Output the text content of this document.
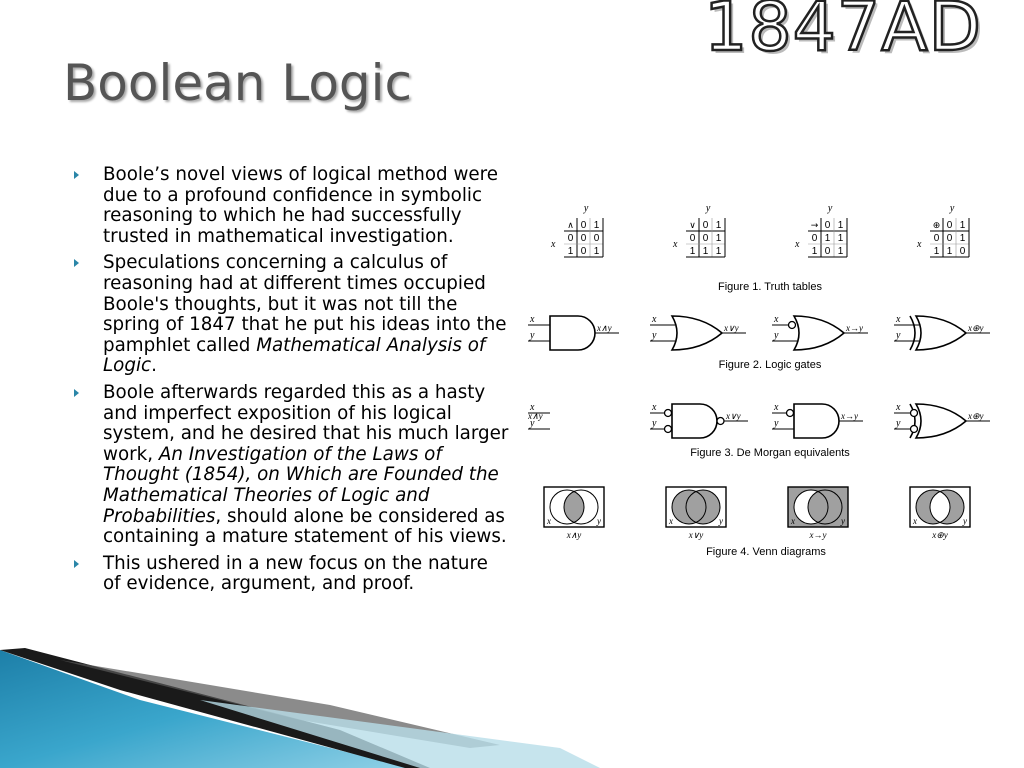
1847AD
Boolean Logic
Boole’s novel views of logical method were due to a profound confidence in symbolic reasoning to which he had successfully trusted in mathematical investigation.
Speculations concerning a calculus of reasoning had at different times occupied Boole's thoughts, but it was not till the spring of 1847 that he put his ideas into the pamphlet called Mathematical Analysis of Logic.
Boole afterwards regarded this as a hasty and imperfect exposition of his logical system, and he desired that his much larger work, An Investigation of the Laws of Thought (1854), on Which are Founded the Mathematical Theories of Logic and Probabilities, should alone be considered as containing a mature statement of his views.
This ushered in a new focus on the nature of evidence, argument, and proof.
y
x
∧ 0 1
0 0 0
1 0 1
y
x
∨ 0 1
0 0 1
1 1 1
y
x
→ 0 1
0 1 1
1 0 1
y
x
⊕ 0 1
0 0 1
1 1 0
Figure 1. Truth tables
x
y
x∧y
x
y
x∨y
x
y
x→y
x
y
x⊕y
Figure 2. Logic gates
x
y
x∧y
x
y
x∨y
x
y
x→y
x
y
x⊕y
Figure 3. De Morgan equivalents
x	y
x∧y
x	y
x∨y
x	y
x→y
x	y
x⊕y
Figure 4. Venn diagrams
